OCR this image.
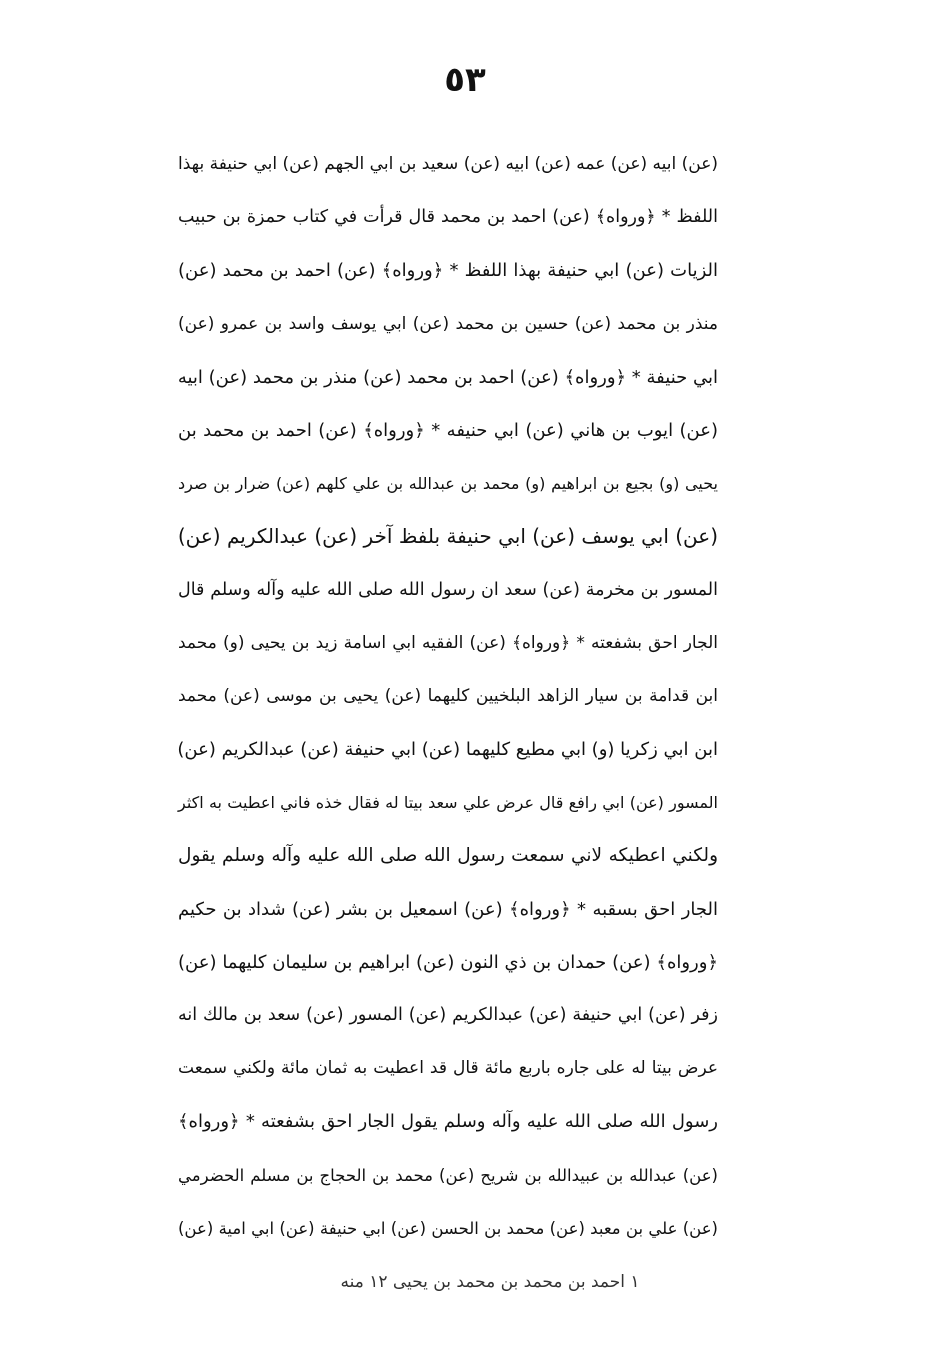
٥٣
(عن) ابيه (عن) عمه (عن) ابيه (عن) سعيد بن ابي الجهم (عن) ابي حنيفة بهذا
اللفظ * ﴿ورواه﴾ (عن) احمد بن محمد قال قرأت في كتاب حمزة بن حبيب
الزيات (عن) ابي حنيفة بهذا اللفظ * ﴿ورواه﴾ (عن) احمد بن محمد (عن)
منذر بن محمد (عن) حسين بن محمد (عن) ابي يوسف واسد بن عمرو (عن)
ابي حنيفة * ﴿ورواه﴾ (عن) احمد بن محمد (عن) منذر بن محمد (عن) ابيه
(عن) ايوب بن هاني (عن) ابي حنيفه * ﴿ورواه﴾ (عن) احمد بن محمد بن
يحيى (و) بجيع بن ابراهيم (و) محمد بن عبدالله بن علي كلهم (عن) ضرار بن صرد
(عن) ابي يوسف (عن) ابي حنيفة بلفظ آخر (عن) عبدالكريم (عن)
المسور بن مخرمة (عن) سعد ان رسول الله صلى الله عليه وآله وسلم قال
الجار احق بشفعته * ﴿ورواه﴾ (عن) الفقيه ابي اسامة زيد بن يحيى (و) محمد
ابن قدامة بن سيار الزاهد البلخيين كليهما (عن) يحيى بن موسى (عن) محمد
ابن ابي زكريا (و) ابي مطيع كليهما (عن) ابي حنيفة (عن) عبدالكريم (عن)
المسور (عن) ابي رافع قال عرض علي سعد بيتا له فقال خذه فاني اعطيت به اكثر
ولكني اعطيكه لاني سمعت رسول الله صلى الله عليه وآله وسلم يقول
الجار احق بسقبه * ﴿ورواه﴾ (عن) اسمعيل بن بشر (عن) شداد بن حكيم
﴿ورواه﴾ (عن) حمدان بن ذي النون (عن) ابراهيم بن سليمان كليهما (عن)
زفر (عن) ابي حنيفة (عن) عبدالكريم (عن) المسور (عن) سعد بن مالك انه
عرض بيتا له على جاره باربع مائة قال قد اعطيت به ثمان مائة ولكني سمعت
رسول الله صلى الله عليه وآله وسلم يقول الجار احق بشفعته * ﴿ورواه﴾
(عن) عبدالله بن عبيدالله بن شريح (عن) محمد بن الحجاج بن مسلم الحضرمي
(عن) علي بن معبد (عن) محمد بن الحسن (عن) ابي حنيفة (عن) ابي امية (عن)
١ احمد بن محمد بن محمد بن يحيى ١٢ منه
